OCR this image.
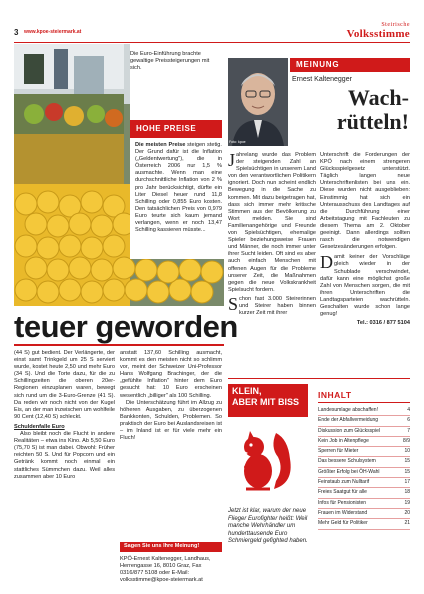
3 www.kpoe-steiermark.at
Steirische
Volksstimme
Die Euro-Einführung brachte gewaltige Preissteigerungen mit sich.
HOHE PREISE
Die meisten Preise steigen stetig. Der Grund dafür ist die Inflation („Geldentwertung"), die in Österreich 2006 nur 1,5 % ausmachte. Wenn man eine durchschnittliche Inflation von 2 % pro Jahr berücksichtigt, dürfte ein Liter Diesel heuer rund 11,8 Schilling oder 0,855 Euro kosten. Den tatsächlichen Preis von 0,979 Euro teurte sich kaum jemand verlangen, wenn er noch 13,47 Schilling kassieren müsste...
teuer geworden
(44 S) gut bedient. Der Verlängerte, der einst samt Trinkgeld um 25 S serviert wurde, kostet heute 2,50 und mehr Euro (34 S). Und die Torte dazu, für die zu Schillingzeiten die oberen 20er-Regionen einzuplanen waren, bewegt sich rund um die 3-Euro-Grenze (41 S). Da reden wir noch nicht von der Kugel Eis, an der man inzwischen um wohlfeile 90 Cent (12,40 S) schleckt.
Schuldenfalle Euro
Also bleibt noch die Flucht in andere Realitäten – etwa ins Kino. Ab 5,50 Euro (75,70 S) ist man dabei. Obwohl: Früher reichten 50 S. Und für Popcorn und ein Getränk kommt noch einmal ein stattliches Sümmchen dazu. Weil alles zusammen aber 10 Euro
anstatt 137,60 Schilling ausmacht, kommt es den meisten nicht so schlimm vor, meint der Schweizer Uni-Professor Hans Wolfgang Brachinger, der die „gefühlte Inflation" hinter dem Euro gesucht hat: 10 Euro erscheinen wesentlich „billiger" als 100 Schilling.
Die Unterschätzung führt im Allzug zu höheren Ausgaben, zu überzogenen Bankkonten, Schulden, Problemen. So praktisch der Euro bei Auslandsreisen ist – im Inland ist er für viele mehr ein Fluch!
Sagen Sie uns Ihre Meinung!
KPÖ-Ernest Kaltenegger, Landhaus, Herrengasse 16, 8010 Graz, Fax 0316/877 5108 oder E-Mail: volksstimme@kpoe-steiermark.at
Foto: kpoe
MEINUNG
Ernest Kaltenegger
Wach-
rütteln!
Jahrelang wurde das Problem der steigenden Zahl an Spielsüchtigen in unserem Land von den verantwortlichen Politikern ignoriert. Doch nun scheint endlich Bewegung in die Sache zu kommen. Mit dazu beigetragen hat, dass sich immer mehr kritische Stimmen aus der Bevölkerung zu Wort melden. Sie sind Familienangehörige und Freunde von Spielsüchtigen, ehemalige Spieler beziehungsweise Frauen und Männer, die noch immer unter ihrer Sucht leiden. Oft sind es aber auch einfach Menschen mit offenen Augen für die Probleme unserer Zeit, die Maßnahmen gegen die neue Volkskrankheit Spielsucht fordern.
Schon fast 3.000 Steirerinnen und Steirer haben binnen kurzer Zeit mit ihrer
Unterschrift die Forderungen der KPÖ nach einem strengeren Glücksspielgesetz unterstützt. Täglich langen neue Unterschriftenlisten bei uns ein. Diese wurden nicht ausgeblieben: Einstimmig hat sich ein Unterausschuss des Landtages auf die Durchführung einer Arbeitstagung mit Fachleuten zu diesem Thema am 2. Oktober geeinigt. Dann allerdings sollten rasch die notwendigen Gesetzesänderungen erfolgen.
Damit keiner der Vorschläge gleich wieder in der Schublade verschwindet, dafür kann eine möglichst große Zahl von Menschen sorgen, die mit ihren Unterschriften die Landtagsparteien wachrütteln. Geschalten wurde schon lange genug!
Tel.: 0316 / 877 5104
KLEIN,
ABER MIT BISS
Jetzt ist klar, warum der neue Flieger Eurofighter heißt: Weil manche Wehrhändler um hunderttausende Euro Schmiergeld gefighted haben.
INHALT
Landesumlage abschaffen!	4
Ende der Abfallvermeidung	6
Diskussion zum Glücksspiel	7
Kein Job in Altenpflege	8/9
Sperren für Mieter	10
Das bessere Schulsystem	15
Größter Erfolg bei ÖH-Wahl	15
Feinstaub zum Nulltarif	17
Freies Saatgut für alle	18
Infos für Pensionisten	19
Frauen im Widerstand	20
Mehr Geld für Politiker	21
